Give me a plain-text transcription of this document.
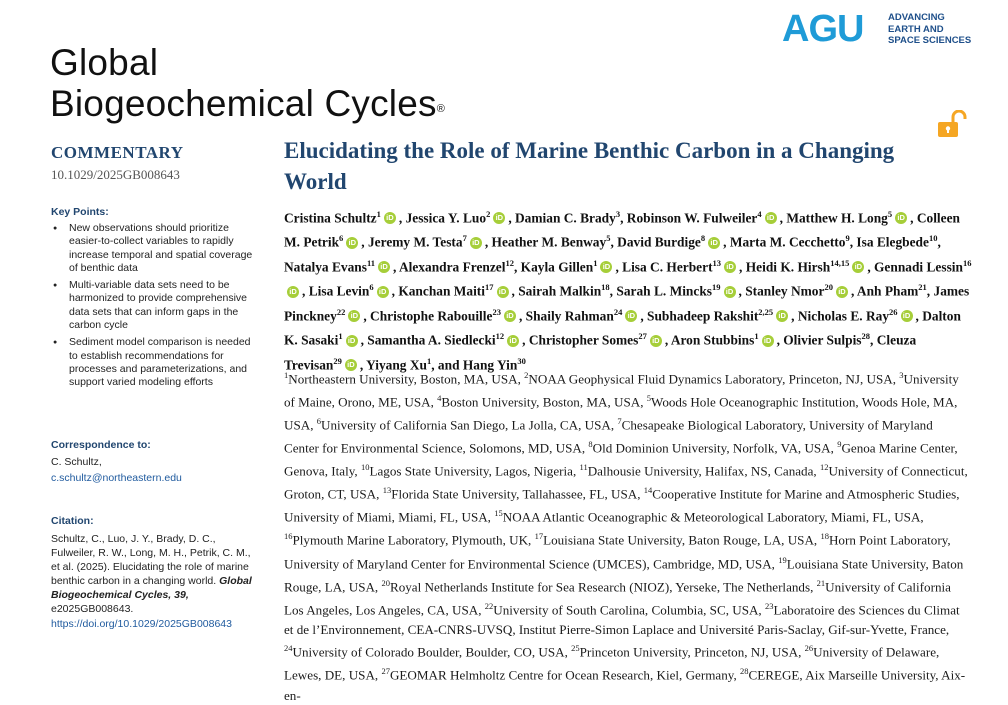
Global
Biogeochemical Cycles®
AGU	ADVANCING
EARTH AND
SPACE SCIENCES
COMMENTARY
10.1029/2025GB008643
Key Points:
● New observations should prioritize easier-to-collect variables to rapidly increase temporal and spatial coverage of benthic data
● Multi-variable data sets need to be harmonized to provide comprehensive data sets that can inform gaps in the carbon cycle
● Sediment model comparison is needed to establish recommendations for processes and parameterizations, and support varied modeling efforts
Correspondence to:
C. Schultz,
c.schultz@northeastern.edu
Citation:
Schultz, C., Luo, J. Y., Brady, D. C., Fulweiler, R. W., Long, M. H., Petrik, C. M., et al. (2025). Elucidating the role of marine benthic carbon in a changing world. Global Biogeochemical Cycles, 39, e2025GB008643. https://doi.org/10.1029/2025GB008643
Elucidating the Role of Marine Benthic Carbon in a Changing World
Cristina Schultz$^1$ iD , Jessica Y. Luo$^2$ iD , Damian C. Brady$^3$, Robinson W. Fulweiler$^4$ iD , Matthew H. Long$^5$ iD , Colleen M. Petrik$^6$ iD , Jeremy M. Testa$^7$ iD , Heather M. Benway$^5$, David Burdige$^8$ iD , Marta M. Cecchetto$^9$, Isa Elegbede$^{10}$, Natalya Evans$^{11}$ iD , Alexandra Frenzel$^{12}$, Kayla Gillen$^1$ iD , Lisa C. Herbert$^{13}$ iD , Heidi K. Hirsh$^{14,15}$ iD , Gennadi Lessin$^{16}$iD , Lisa Levin$^6$ iD , Kanchan Maiti$^{17}$ iD , Sairah Malkin$^{18}$, Sarah L. Mincks$^{19}$ iD , Stanley Nmor$^{20}$ iD , Anh Pham$^{21}$, James Pinckney$^{22}$ iD , Christophe Rabouille$^{23}$ iD , Shaily Rahman$^{24}$ iD , Subhadeep Rakshit$^{2,25}$ iD , Nicholas E. Ray$^{26}$ iD , Dalton K. Sasaki$^1$ iD , Samantha A. Siedlecki$^{12}$ iD , Christopher Somes$^{27}$ iD , Aron Stubbins$^1$ iD , Olivier Sulpis$^{28}$, Cleuza Trevisan$^{29}$ iD , Yiyang Xu$^1$, and Hang Yin$^{30}$
$^1$Northeastern University, Boston, MA, USA, $^2$NOAA Geophysical Fluid Dynamics Laboratory, Princeton, NJ, USA, $^3$University of Maine, Orono, ME, USA, $^4$Boston University, Boston, MA, USA, $^5$Woods Hole Oceanographic Institution, Woods Hole, MA, USA, $^6$University of California San Diego, La Jolla, CA, USA, $^7$Chesapeake Biological Laboratory, University of Maryland Center for Environmental Science, Solomons, MD, USA, $^8$Old Dominion University, Norfolk, VA, USA, $^9$Genoa Marine Center, Genova, Italy, $^{10}$Lagos State University, Lagos, Nigeria, $^{11}$Dalhousie University, Halifax, NS, Canada, $^{12}$University of Connecticut, Groton, CT, USA, $^{13}$Florida State University, Tallahassee, FL, USA, $^{14}$Cooperative Institute for Marine and Atmospheric Studies, University of Miami, Miami, FL, USA, $^{15}$NOAA Atlantic Oceanographic & Meteorological Laboratory, Miami, FL, USA, $^{16}$Plymouth Marine Laboratory, Plymouth, UK, $^{17}$Louisiana State University, Baton Rouge, LA, USA, $^{18}$Horn Point Laboratory, University of Maryland Center for Environmental Science (UMCES), Cambridge, MD, USA, $^{19}$Louisiana State University, Baton Rouge, LA, USA, $^{20}$Royal Netherlands Institute for Sea Research (NIOZ), Yerseke, The Netherlands, $^{21}$University of California Los Angeles, Los Angeles, CA, USA, $^{22}$University of South Carolina, Columbia, SC, USA, $^{23}$Laboratoire des Sciences du Climat et de l’Environnement, CEA-CNRS-UVSQ, Institut Pierre-Simon Laplace and Université Paris-Saclay, Gif-sur-Yvette, France, $^{24}$University of Colorado Boulder, Boulder, CO, USA, $^{25}$Princeton University, Princeton, NJ, USA, $^{26}$University of Delaware, Lewes, DE, USA, $^{27}$GEOMAR Helmholtz Centre for Ocean Research, Kiel, Germany, $^{28}$CEREGE, Aix Marseille University, Aix-en-
